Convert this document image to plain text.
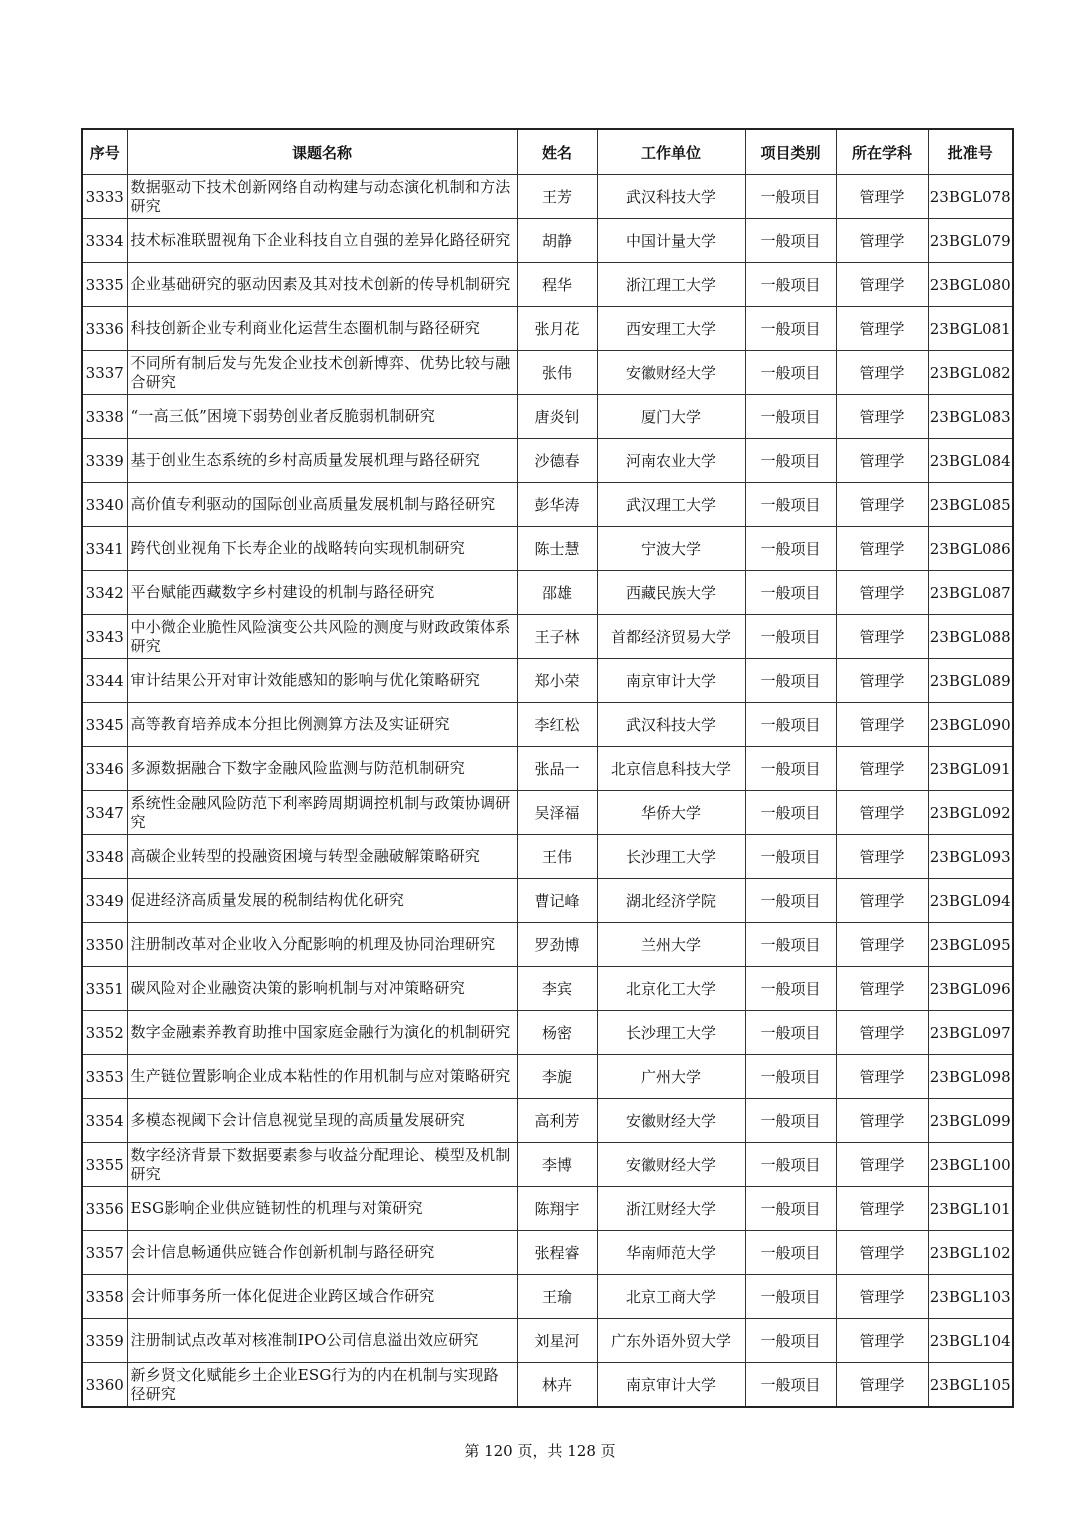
序号	课题名称	姓名	工作单位	项目类别	所在学科	批准号
3333	数据驱动下技术创新网络自动构建与动态演化机制和方法研究	王芳	武汉科技大学	一般项目	管理学	23BGL078
3334	技术标准联盟视角下企业科技自立自强的差异化路径研究	胡静	中国计量大学	一般项目	管理学	23BGL079
3335	企业基础研究的驱动因素及其对技术创新的传导机制研究	程华	浙江理工大学	一般项目	管理学	23BGL080
3336	科技创新企业专利商业化运营生态圈机制与路径研究	张月花	西安理工大学	一般项目	管理学	23BGL081
3337	不同所有制后发与先发企业技术创新博弈、优势比较与融合研究	张伟	安徽财经大学	一般项目	管理学	23BGL082
3338	“一高三低”困境下弱势创业者反脆弱机制研究	唐炎钊	厦门大学	一般项目	管理学	23BGL083
3339	基于创业生态系统的乡村高质量发展机理与路径研究	沙德春	河南农业大学	一般项目	管理学	23BGL084
3340	高价值专利驱动的国际创业高质量发展机制与路径研究	彭华涛	武汉理工大学	一般项目	管理学	23BGL085
3341	跨代创业视角下长寿企业的战略转向实现机制研究	陈士慧	宁波大学	一般项目	管理学	23BGL086
3342	平台赋能西藏数字乡村建设的机制与路径研究	邵雄	西藏民族大学	一般项目	管理学	23BGL087
3343	中小微企业脆性风险演变公共风险的测度与财政政策体系研究	王子林	首都经济贸易大学	一般项目	管理学	23BGL088
3344	审计结果公开对审计效能感知的影响与优化策略研究	郑小荣	南京审计大学	一般项目	管理学	23BGL089
3345	高等教育培养成本分担比例测算方法及实证研究	李红松	武汉科技大学	一般项目	管理学	23BGL090
3346	多源数据融合下数字金融风险监测与防范机制研究	张品一	北京信息科技大学	一般项目	管理学	23BGL091
3347	系统性金融风险防范下利率跨周期调控机制与政策协调研究	吴泽福	华侨大学	一般项目	管理学	23BGL092
3348	高碳企业转型的投融资困境与转型金融破解策略研究	王伟	长沙理工大学	一般项目	管理学	23BGL093
3349	促进经济高质量发展的税制结构优化研究	曹记峰	湖北经济学院	一般项目	管理学	23BGL094
3350	注册制改革对企业收入分配影响的机理及协同治理研究	罗劲博	兰州大学	一般项目	管理学	23BGL095
3351	碳风险对企业融资决策的影响机制与对冲策略研究	李宾	北京化工大学	一般项目	管理学	23BGL096
3352	数字金融素养教育助推中国家庭金融行为演化的机制研究	杨密	长沙理工大学	一般项目	管理学	23BGL097
3353	生产链位置影响企业成本粘性的作用机制与应对策略研究	李旎	广州大学	一般项目	管理学	23BGL098
3354	多模态视阈下会计信息视觉呈现的高质量发展研究	高利芳	安徽财经大学	一般项目	管理学	23BGL099
3355	数字经济背景下数据要素参与收益分配理论、模型及机制研究	李博	安徽财经大学	一般项目	管理学	23BGL100
3356	ESG影响企业供应链韧性的机理与对策研究	陈翔宇	浙江财经大学	一般项目	管理学	23BGL101
3357	会计信息畅通供应链合作创新机制与路径研究	张程睿	华南师范大学	一般项目	管理学	23BGL102
3358	会计师事务所一体化促进企业跨区域合作研究	王瑜	北京工商大学	一般项目	管理学	23BGL103
3359	注册制试点改革对核准制IPO公司信息溢出效应研究	刘星河	广东外语外贸大学	一般项目	管理学	23BGL104
3360	新乡贤文化赋能乡土企业ESG行为的内在机制与实现路径研究	林卉	南京审计大学	一般项目	管理学	23BGL105
第 120 页，共 128 页
